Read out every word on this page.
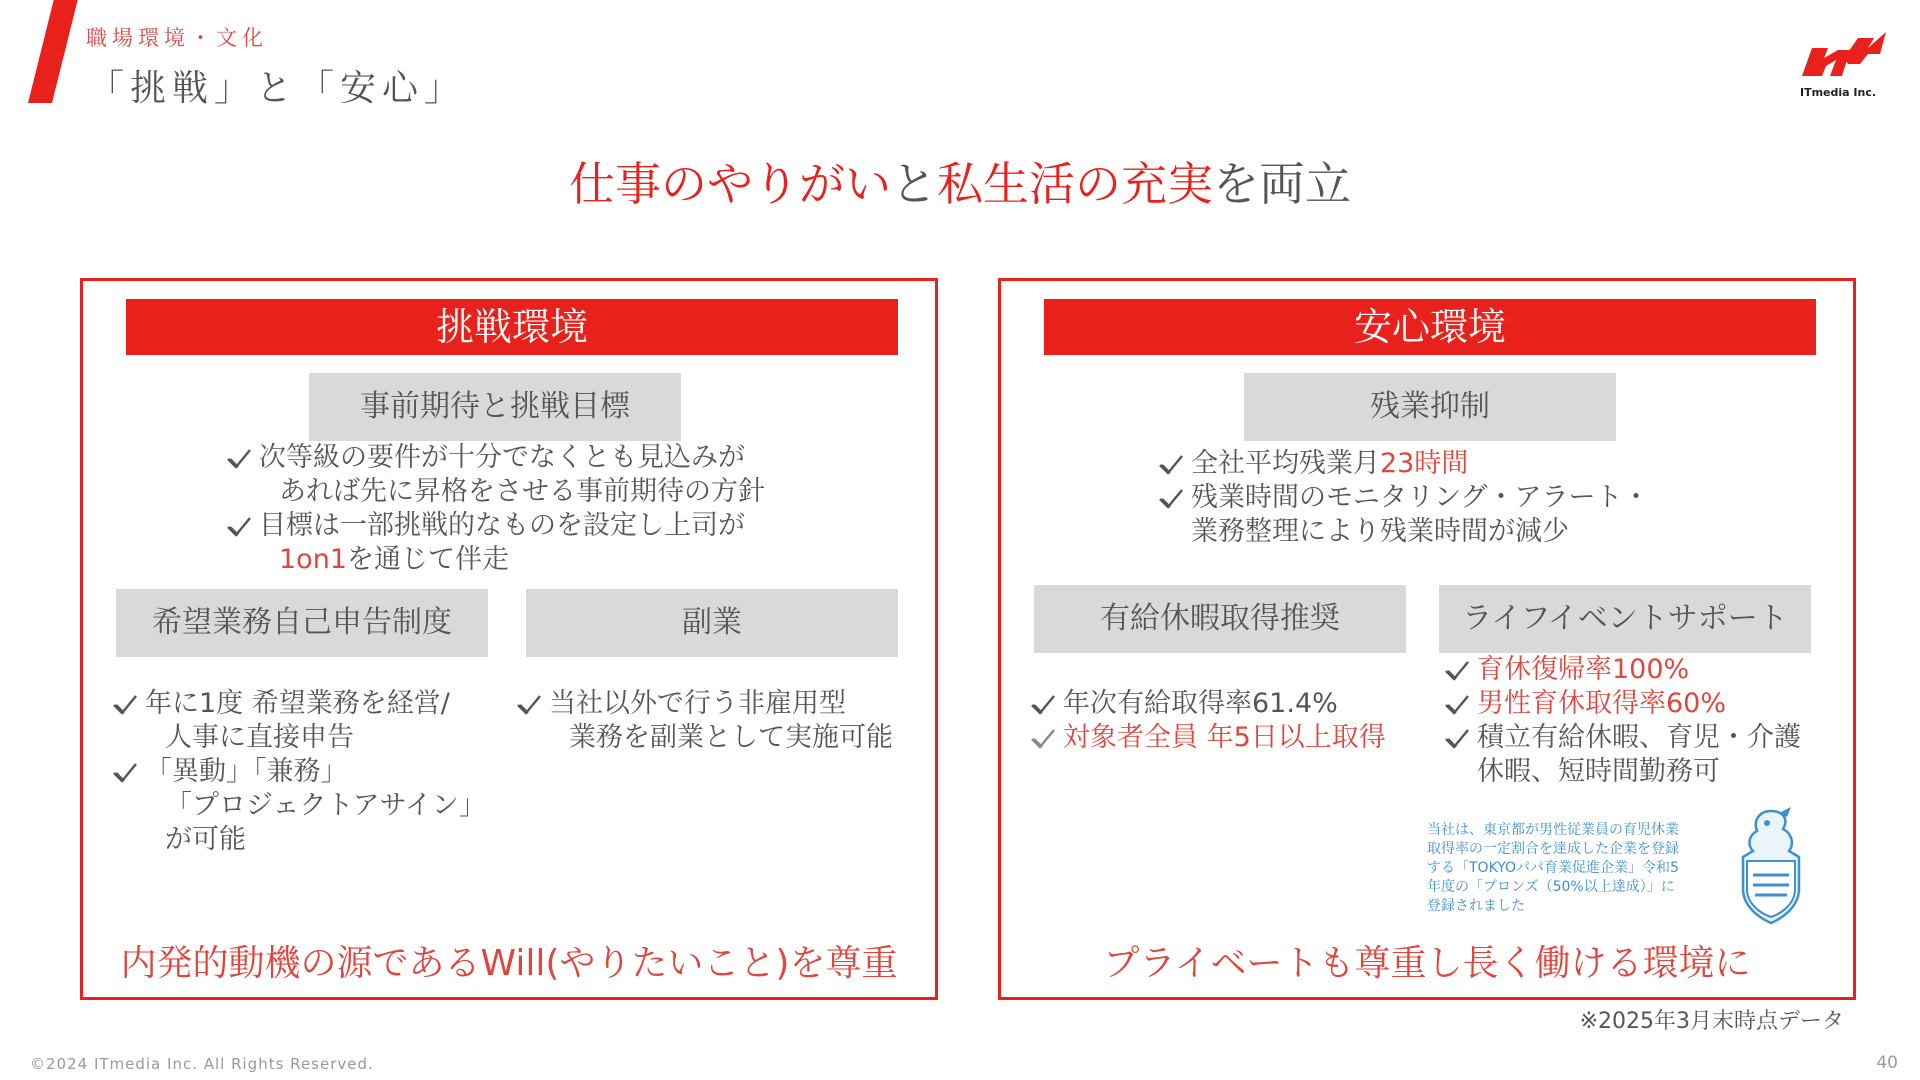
職場環境・文化
「挑戦」と「安心」	ITmedia Inc.
仕事のやりがいと私生活の充実を両立
挑戦環境
事前期待と挑戦目標
次等級の要件が十分でなくとも見込みが
あれば先に昇格をさせる事前期待の方針
目標は一部挑戦的なものを設定し上司が
1on1を通じて伴走
希望業務自己申告制度	副業
年に1度 希望業務を経営/
人事に直接申告
「異動」「兼務」
「プロジェクトアサイン」
が可能
当社以外で行う非雇用型
業務を副業として実施可能
内発的動機の源であるWill(やりたいこと)を尊重
安心環境
残業抑制
全社平均残業月23時間
残業時間のモニタリング・アラート・
業務整理により残業時間が減少
有給休暇取得推奨	ライフイベントサポート
年次有給取得率61.4%
対象者全員 年5日以上取得
育休復帰率100%
男性育休取得率60%
積立有給休暇、育児・介護
休暇、短時間勤務可
当社は、東京都が男性従業員の育児休業
取得率の一定割合を達成した企業を登録
する「TOKYOパパ育業促進企業」令和5
年度の「ブロンズ（50%以上達成）」に
登録されました
プライベートも尊重し長く働ける環境に
※2025年3月末時点データ
©2024 ITmedia Inc. All Rights Reserved.	40
